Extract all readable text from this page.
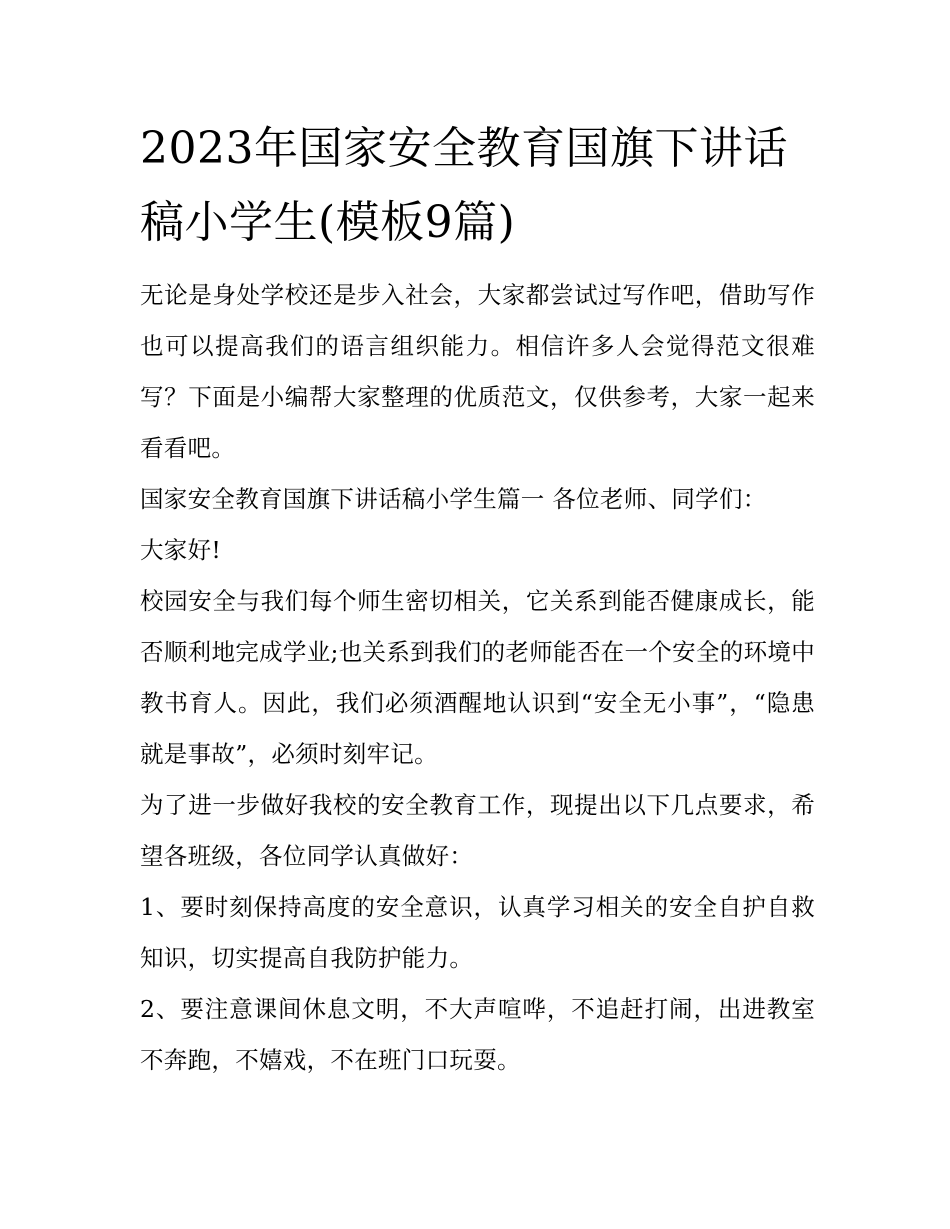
2023年国家安全教育国旗下讲话稿小学生(模板9篇)

无论是身处学校还是步入社会，大家都尝试过写作吧，借助写作也可以提高我们的语言组织能力。相信许多人会觉得范文很难写？下面是小编帮大家整理的优质范文，仅供参考，大家一起来看看吧。

国家安全教育国旗下讲话稿小学生篇一 各位老师、同学们：

大家好!

校园安全与我们每个师生密切相关，它关系到能否健康成长，能否顺利地完成学业;也关系到我们的老师能否在一个安全的环境中教书育人。因此，我们必须酒醒地认识到“安全无小事”，“隐患就是事故”，必须时刻牢记。

为了进一步做好我校的安全教育工作，现提出以下几点要求，希望各班级，各位同学认真做好：

1、要时刻保持高度的安全意识，认真学习相关的安全自护自救知识，切实提高自我防护能力。

2、要注意课间休息文明，不大声喧哗，不追赶打闹，出进教室不奔跑，不嬉戏，不在班门口玩耍。
